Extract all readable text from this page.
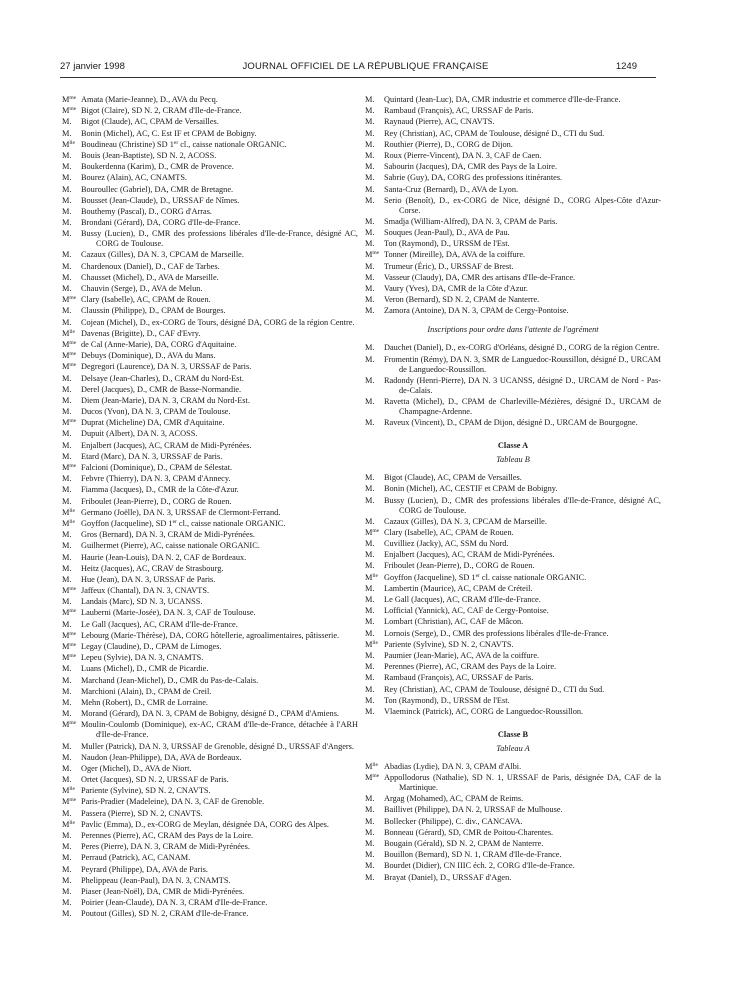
27 janvier 1998	JOURNAL OFFICIEL DE LA RÉPUBLIQUE FRANÇAISE	1249
$M^{me}$ Amata (Marie-Jeanne), D., AVA du Pecq.
$M^{me}$ Bigot (Claire), SD N. 2, CRAM d'Ile-de-France.
M.	Bigot (Claude), AC, CPAM de Versailles.
M.	Bonin (Michel), AC, C. Est IF et CPAM de Bobigny.
$M^{lle}$ Boudineau (Christine) SD 1er cl., caisse nationale ORGANIC.
M.	Bouis (Jean-Baptiste), SD N. 2, ACOSS.
M.	Boukerdenna (Karim), D., CMR de Provence.
M.	Bourez (Alain), AC, CNAMTS.
M.	Bouroullec (Gabriel), DA, CMR de Bretagne.
M.	Bousset (Jean-Claude), D., URSSAF de Nîmes.
M.	Bouthemy (Pascal), D., CORG d'Arras.
M.	Brondani (Gérard), DA, CORG d'Ile-de-France.
M.	Bussy (Lucien), D., CMR des professions libérales d'Ile-de-France, désigné AC, CORG de Toulouse.
M.	Cazaux (Gilles), DA N. 3, CPCAM de Marseille.
M.	Chardenoux (Daniel), D., CAF de Tarbes.
M.	Chausset (Michel), D., AVA de Marseille.
M.	Chauvin (Serge), D., AVA de Melun.
$M^{me}$ Clary (Isabelle), AC, CPAM de Rouen.
M.	Claussin (Philippe), D., CPAM de Bourges.
M.	Cojean (Michel), D., ex-CORG de Tours, désigné DA, CORG de la région Centre.
$M^{lle}$ Davenas (Brigitte), D., CAF d'Evry.
$M^{me}$ de Cal (Anne-Marie), DA, CORG d'Aquitaine.
$M^{me}$ Debuys (Dominique), D., AVA du Mans.
$M^{me}$ Degregori (Laurence), DA N. 3, URSSAF de Paris.
M.	Delsaye (Jean-Charles), D., CRAM du Nord-Est.
M.	Derel (Jacques), D., CMR de Basse-Normandie.
M.	Diem (Jean-Marie), DA N. 3, CRAM du Nord-Est.
M.	Ducos (Yvon), DA N. 3, CPAM de Toulouse.
$M^{me}$ Duprat (Micheline) DA, CMR d'Aquitaine.
M.	Dupuit (Albert), DA N. 3, ACOSS.
M.	Enjalbert (Jacques), AC, CRAM de Midi-Pyrénées.
M.	Etard (Marc), DA N. 3, URSSAF de Paris.
$M^{me}$ Falcioni (Dominique), D., CPAM de Sélestat.
M.	Febvre (Thierry), DA N. 3, CPAM d'Annecy.
M.	Fiamma (Jacques), D., CMR de la Côte-d'Azur.
M.	Friboulet (Jean-Pierre), D., CORG de Rouen.
$M^{lle}$ Germano (Joëlle), DA N. 3, URSSAF de Clermont-Ferrand.
$M^{lle}$ Goyffon (Jacqueline), SD 1er cl., caisse nationale ORGANIC.
M.	Gros (Bernard), DA N. 3, CRAM de Midi-Pyrénées.
M.	Guilhermet (Pierre), AC, caisse nationale ORGANIC.
M.	Haurie (Jean-Louis), DA N. 2, CAF de Bordeaux.
M.	Heitz (Jacques), AC, CRAV de Strasbourg.
M.	Hue (Jean), DA N. 3, URSSAF de Paris.
$M^{me}$ Jaffeux (Chantal), DA N. 3, CNAVTS.
M.	Landais (Marc), SD N. 3, UCANSS.
$M^{me}$ Lauberni (Marie-Josée), DA N. 3, CAF de Toulouse.
M.	Le Gall (Jacques), AC, CRAM d'Ile-de-France.
$M^{me}$ Lebourg (Marie-Thérèse), DA, CORG hôtellerie, agroalimentaires, pâtisserie.
$M^{me}$ Legay (Claudine), D., CPAM de Limoges.
$M^{me}$ Lepeu (Sylvie), DA N. 3, CNAMTS.
M.	Luans (Michel), D., CMR de Picardie.
M.	Marchand (Jean-Michel), D., CMR du Pas-de-Calais.
M.	Marchioni (Alain), D., CPAM de Creil.
M.	Mehn (Robert), D., CMR de Lorraine.
M.	Morand (Gérard), DA N. 3, CPAM de Bobigny, désigné D., CPAM d'Amiens.
$M^{me}$ Moulin-Coulomb (Dominique), ex-AC, CRAM d'Ile-de-France, détachée à l'ARH d'Ile-de-France.
M.	Muller (Patrick), DA N. 3, URSSAF de Grenoble, désigné D., URSSAF d'Angers.
M.	Naudon (Jean-Philippe), DA, AVA de Bordeaux.
M.	Oger (Michel), D., AVA de Niort.
M.	Ortet (Jacques), SD N. 2, URSSAF de Paris.
$M^{lle}$ Pariente (Sylvine), SD N. 2, CNAVTS.
$M^{me}$ Paris-Pradier (Madeleine), DA N. 3, CAF de Grenoble.
M.	Passera (Pierre), SD N. 2, CNAVTS.
$M^{lle}$ Pavlic (Emma), D., ex-CORG de Meylan, désignée DA, CORG des Alpes.
M.	Perennes (Pierre), AC, CRAM des Pays de la Loire.
M.	Peres (Pierre), DA N. 3, CRAM de Midi-Pyrénées.
M.	Perraud (Patrick), AC, CANAM.
M.	Peyrard (Philippe), DA, AVA de Paris.
M.	Phelippeau (Jean-Paul), DA N. 3, CNAMTS.
M.	Piaser (Jean-Noël), DA, CMR de Midi-Pyrénées.
M.	Poirier (Jean-Claude), DA N. 3, CRAM d'Ile-de-France.
M.	Poutout (Gilles), SD N. 2, CRAM d'Ile-de-France.
M.	Quintard (Jean-Luc), DA, CMR industrie et commerce d'Ile-de-France.
M.	Rambaud (François), AC, URSSAF de Paris.
M.	Raynaud (Pierre), AC, CNAVTS.
M.	Rey (Christian), AC, CPAM de Toulouse, désigné D., CTI du Sud.
M.	Routhier (Pierre), D., CORG de Dijon.
M.	Roux (Pierre-Vincent), DA N. 3, CAF de Caen.
M.	Sabourin (Jacques), DA, CMR des Pays de la Loire.
M.	Sabrie (Guy), DA, CORG des professions itinérantes.
M.	Santa-Cruz (Bernard), D., AVA de Lyon.
M.	Serio (Benoît), D., ex-CORG de Nice, désigné D., CORG Alpes-Côte d'Azur-Corse.
M.	Smadja (William-Alfred), DA N. 3, CPAM de Paris.
M.	Souques (Jean-Paul), D., AVA de Pau.
M.	Ton (Raymond), D., URSSM de l'Est.
$M^{me}$ Tonner (Mireille), DA, AVA de la coiffure.
M.	Trumeur (Éric), D., URSSAF de Brest.
M.	Vasseur (Claudy), DA, CMR des artisans d'Ile-de-France.
M.	Vaury (Yves), DA, CMR de la Côte d'Azur.
M.	Veron (Bernard), SD N. 2, CPAM de Nanterre.
M.	Zamora (Antoine), DA N. 3, CPAM de Cergy-Pontoise.
Inscriptions pour ordre dans l'attente de l'agrément
M.	Dauchet (Daniel), D., ex-CORG d'Orléans, désigné D., CORG de la région Centre.
M.	Fromentin (Rémy), DA N. 3, SMR de Languedoc-Roussillon, désigné D., URCAM de Languedoc-Roussillon.
M.	Radondy (Henri-Pierre), DA N. 3 UCANSS, désigné D., URCAM de Nord - Pas-de-Calais.
M.	Ravetta (Michel), D., CPAM de Charleville-Mézières, désigné D., URCAM de Champagne-Ardenne.
M.	Raveux (Vincent), D., CPAM de Dijon, désigné D., URCAM de Bourgogne.
Classe A
Tableau B
M.	Bigot (Claude), AC, CPAM de Versailles.
M.	Bonin (Michel), AC, CESTIF et CPAM de Bobigny.
M.	Bussy (Lucien), D., CMR des professions libérales d'Ile-de-France, désigné AC, CORG de Toulouse.
M.	Cazaux (Gilles), DA N. 3, CPCAM de Marseille.
$M^{me}$ Clary (Isabelle), AC, CPAM de Rouen.
M.	Cuvilliez (Jacky), AC, SSM du Nord.
M.	Enjalbert (Jacques), AC, CRAM de Midi-Pyrénées.
M.	Friboulet (Jean-Pierre), D., CORG de Rouen.
$M^{lle}$ Goyffon (Jacqueline), SD 1er cl. caisse nationale ORGANIC.
M.	Lambertin (Maurice), AC, CPAM de Créteil.
M.	Le Gall (Jacques), AC, CRAM d'Ile-de-France.
M.	Lofficial (Yannick), AC, CAF de Cergy-Pontoise.
M.	Lombart (Christian), AC, CAF de Mâcon.
M.	Lornois (Serge), D., CMR des professions libérales d'Ile-de-France.
$M^{lle}$ Pariente (Sylvine), SD N. 2, CNAVTS.
M.	Paumier (Jean-Marie), AC, AVA de la coiffure.
M.	Perennes (Pierre), AC, CRAM des Pays de la Loire.
M.	Rambaud (François), AC, URSSAF de Paris.
M.	Rey (Christian), AC, CPAM de Toulouse, désigné D., CTI du Sud.
M.	Ton (Raymond), D., URSSM de l'Est.
M.	Vlaeminck (Patrick), AC, CORG de Languedoc-Roussillon.
Classe B
Tableau A
$M^{lle}$ Abadias (Lydie), DA N. 3, CPAM d'Albi.
$M^{me}$ Appollodorus (Nathalie), SD N. 1, URSSAF de Paris, désignée DA, CAF de la Martinique.
M.	Argag (Mohamed), AC, CPAM de Reims.
M.	Baillivet (Philippe), DA N. 2, URSSAF de Mulhouse.
M.	Bollecker (Philippe), C. div., CANCAVA.
M.	Bonneau (Gérard), SD, CMR de Poitou-Charentes.
M.	Bougain (Gérald), SD N. 2, CPAM de Nanterre.
M.	Bouillon (Bernard), SD N. 1, CRAM d'Ile-de-France.
M.	Bourdet (Didier), CN IIIC éch. 2, CORG d'Ile-de-France.
M.	Brayat (Daniel), D., URSSAF d'Agen.
